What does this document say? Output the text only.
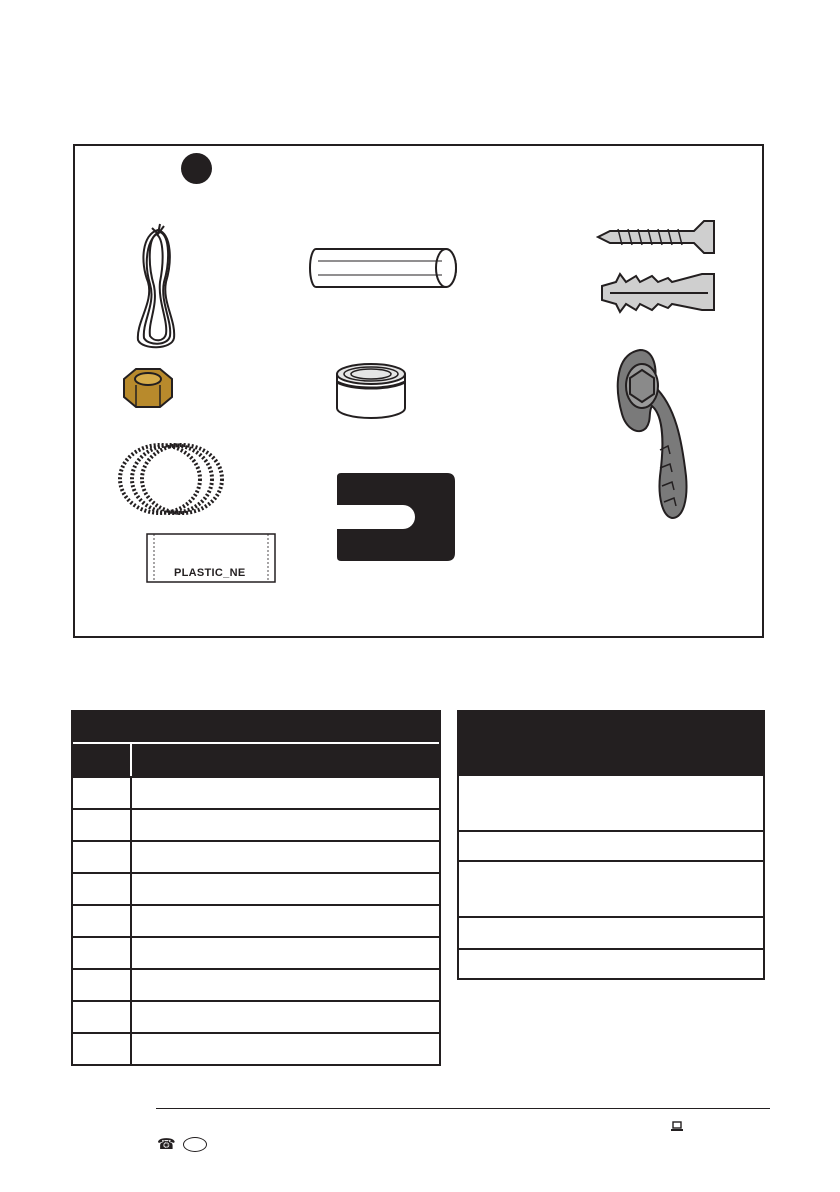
PLASTIC_NE
☎
